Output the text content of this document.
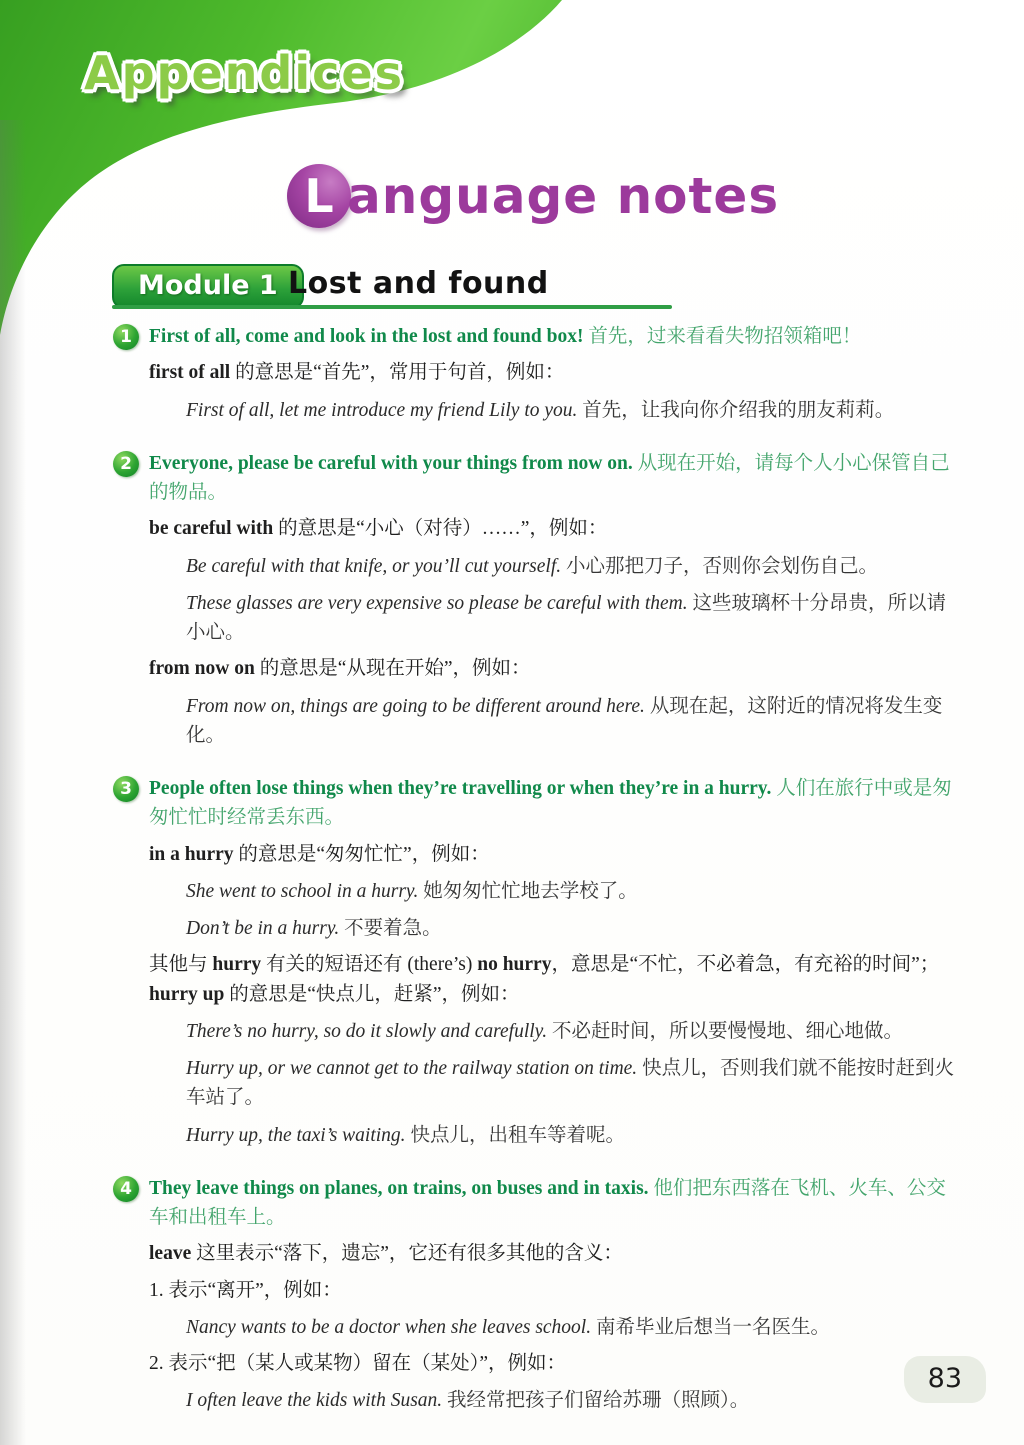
Appendices
L anguage notes
Module 1 Lost and found
1 First of all, come and look in the lost and found box! 首先，过来看看失物招领箱吧！

first of all 的意思是“首先”，常用于句首，例如：

First of all, let me introduce my friend Lily to you. 首先，让我向你介绍我的朋友莉莉。

2 Everyone, please be careful with your things from now on. 从现在开始，请每个人小心保管自己的物品。

be careful with 的意思是“小心（对待）……”，例如：

Be careful with that knife, or you’ll cut yourself. 小心那把刀子，否则你会划伤自己。

These glasses are very expensive so please be careful with them. 这些玻璃杯十分昂贵，所以请小心。

from now on 的意思是“从现在开始”，例如：

From now on, things are going to be different around here. 从现在起，这附近的情况将发生变化。

3 People often lose things when they’re travelling or when they’re in a hurry. 人们在旅行中或是匆匆忙忙时经常丢东西。

in a hurry 的意思是“匆匆忙忙”，例如：

She went to school in a hurry. 她匆匆忙忙地去学校了。

Don’t be in a hurry. 不要着急。

其他与 hurry 有关的短语还有 (there’s) no hurry，意思是“不忙，不必着急，有充裕的时间”；hurry up 的意思是“快点儿，赶紧”，例如：

There’s no hurry, so do it slowly and carefully. 不必赶时间，所以要慢慢地、细心地做。

Hurry up, or we cannot get to the railway station on time. 快点儿，否则我们就不能按时赶到火车站了。

Hurry up, the taxi’s waiting. 快点儿，出租车等着呢。

4 They leave things on planes, on trains, on buses and in taxis. 他们把东西落在飞机、火车、公交车和出租车上。

leave 这里表示“落下，遗忘”，它还有很多其他的含义：

1. 表示“离开”，例如：

Nancy wants to be a doctor when she leaves school. 南希毕业后想当一名医生。

2. 表示“把（某人或某物）留在（某处）”，例如：

I often leave the kids with Susan. 我经常把孩子们留给苏珊（照顾）。

83
